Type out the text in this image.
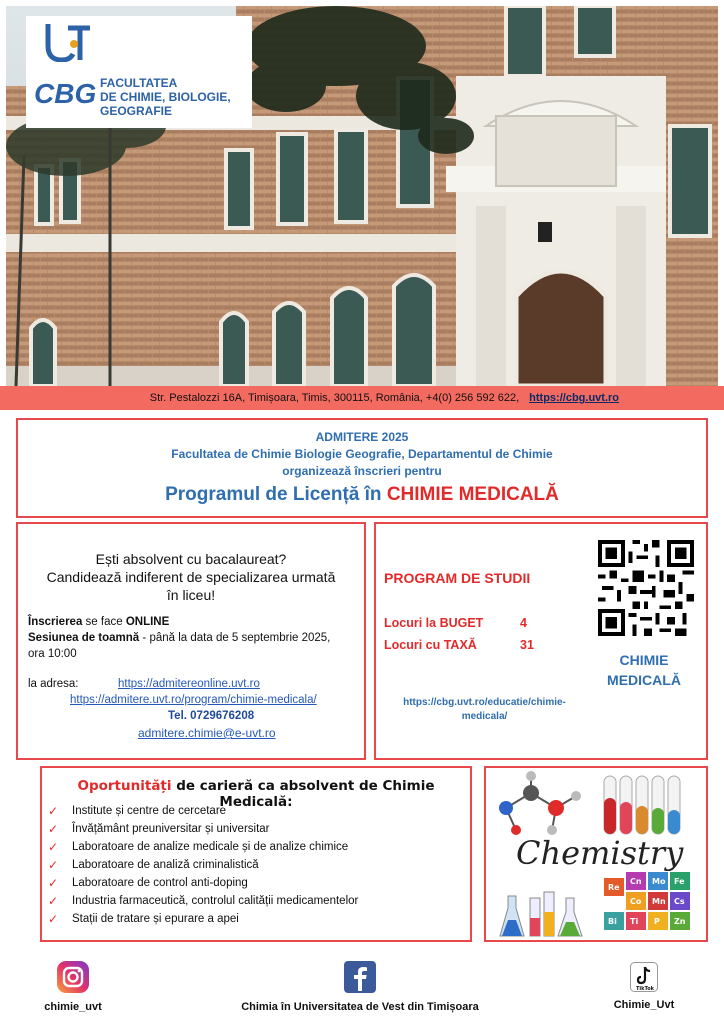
CBG FACULTATEA
DE CHIMIE, BIOLOGIE,
GEOGRAFIE
Str. Pestalozzi 16A, Timișoara, Timis, 300115, România, +4(0) 256 592 622, https://cbg.uvt.ro
ADMITERE 2025
Facultatea de Chimie Biologie Geografie, Departamentul de Chimie
organizează înscrieri pentru
Programul de Licență în CHIMIE MEDICALĂ
Ești absolvent cu bacalaureat?
Candidează indiferent de specializarea urmată
în liceu!
Înscrierea se face ONLINE
Sesiunea de toamnă - până la data de 5 septembrie 2025,
ora 10:00
la adresa:	https://admitereonline.uvt.ro
https://admitere.uvt.ro/program/chimie-medicala/
Tel. 0729676208
admitere.chimie@e-uvt.ro
PROGRAM DE STUDII
Locuri la BUGET	4
Locuri cu TAXĂ	31
https://cbg.uvt.ro/educatie/chimie-
medicala/
CHIMIE
MEDICALĂ
Oportunități de carieră ca absolvent de Chimie Medicală:
✓	Institute și centre de cercetare
✓	Învățământ preuniversitar și universitar
✓	Laboratoare de analize medicale și de analize chimice
✓	Laboratoare de analiză criminalistică
✓	Laboratoare de control anti-doping
✓	Industria farmaceutică, controlul calității medicamentelor
✓	Stații de tratare și epurare a apei
Chemistry
Re
Cn Mo Fe
Co Mn Cs
Bi Ti P Zn
chimie_uvt	Chimia în Universitatea de Vest din Timișoara
TikTok
Chimie_Uvt
